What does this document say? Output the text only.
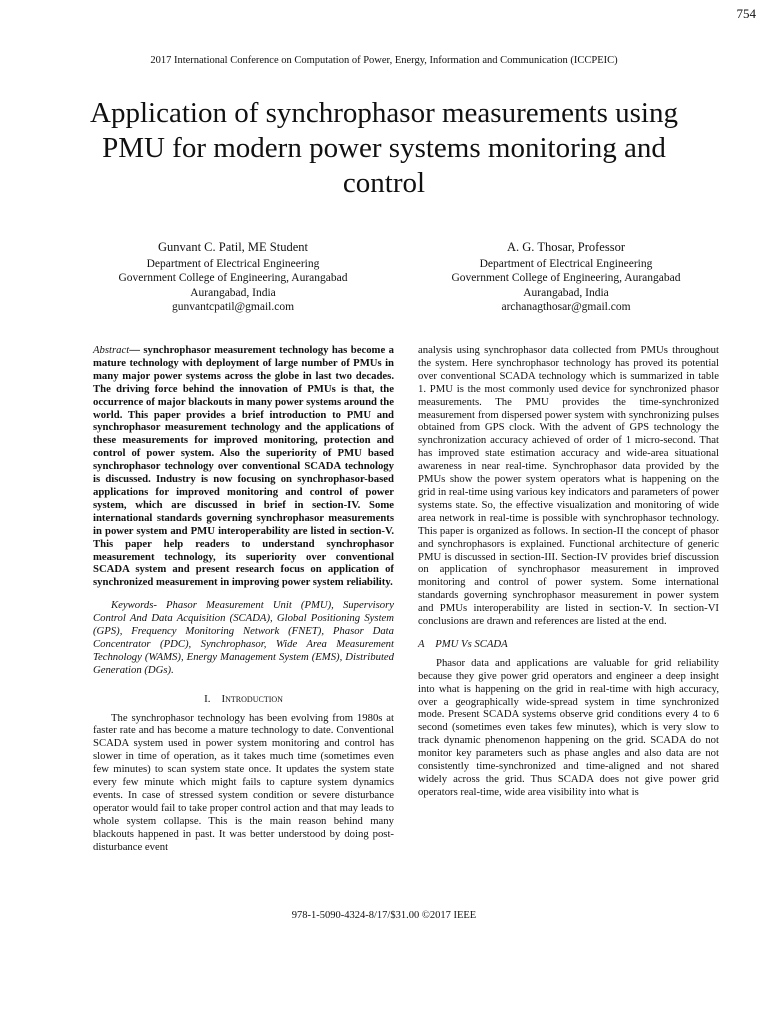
754
2017 International Conference on Computation of Power, Energy, Information and Communication (ICCPEIC)
Application of synchrophasor measurements using PMU for modern power systems monitoring and control
Gunvant C. Patil, ME Student
Department of Electrical Engineering
Government College of Engineering, Aurangabad
Aurangabad, India
gunvantcpatil@gmail.com
A. G. Thosar, Professor
Department of Electrical Engineering
Government College of Engineering, Aurangabad
Aurangabad, India
archanagthosar@gmail.com

Abstract— synchrophasor measurement technology has become a mature technology with deployment of large number of PMUs in many major power systems across the globe in last two decades. The driving force behind the innovation of PMUs is that, the occurrence of major blackouts in many power systems around the world. This paper provides a brief introduction to PMU and synchrophasor measurement technology and the applications of these measurements for improved monitoring, protection and control of power system. Also the superiority of PMU based synchrophasor technology over conventional SCADA technology is discussed. Industry is now focusing on synchrophasor-based applications for improved monitoring and control of power system, which are discussed in brief in section-IV. Some international standards governing synchrophasor measurements in power system and PMU interoperability are listed in section-V. This paper help readers to understand synchrophasor measurement technology, its superiority over conventional SCADA system and present research focus on application of synchronized measurement in improving power system reliability.

Keywords- Phasor Measurement Unit (PMU), Supervisory Control And Data Acquisition (SCADA), Global Positioning System (GPS), Frequency Monitoring Network (FNET), Phasor Data Concentrator (PDC), Synchrophasor, Wide Area Measurement Technology (WAMS), Energy Management System (EMS), Distributed Generation (DGs).

I. Introduction

The synchrophasor technology has been evolving from 1980s at faster rate and has become a mature technology to date. Conventional SCADA system used in power system monitoring and control has slower in time of operation, as it takes much time (sometimes even few minutes) to scan system state once. It updates the system state every few minute which might fails to capture system dynamics events. In case of stressed system condition or severe disturbance operator would fail to take proper control action and that may leads to whole system collapse. This is the main reason behind many blackouts happened in past. It was better understood by doing post-disturbance event

analysis using synchrophasor data collected from PMUs throughout the system. Here synchrophasor technology has proved its potential over conventional SCADA technology which is summarized in table 1. PMU is the most commonly used device for synchronized phasor measurements. The PMU provides the time-synchronized measurement from dispersed power system with synchronizing pulses obtained from GPS clock. With the advent of GPS technology the synchronization accuracy achieved of order of 1 micro-second. That has improved state estimation accuracy and wide-area situational awareness in near real-time. Synchrophasor data provided by the PMUs show the power system operators what is happening on the grid in real-time using various key indicators and parameters of power systems state. So, the effective visualization and monitoring of wide area network in real-time is possible with synchrophasor technology. This paper is organized as follows. In section-II the concept of phasor and synchrophasors is explained. Functional architecture of generic PMU is discussed in section-III. Section-IV provides brief discussion on application of synchrophasor measurement in improved monitoring and control of power system. Some international standards governing synchrophasor measurement in power system and PMUs interoperability are listed in section-V. In section-VI conclusions are drawn and references are listed at the end.

A PMU Vs SCADA

Phasor data and applications are valuable for grid reliability because they give power grid operators and engineer a deep insight into what is happening on the grid in real-time with high accuracy, over a geographically wide-spread system in time synchronized mode. Present SCADA systems observe grid conditions every 4 to 6 second (sometimes even takes few minutes), which is very slow to track dynamic phenomenon happening on the grid. SCADA do not monitor key parameters such as phase angles and also data are not consistently time-synchronized and time-aligned and not shared widely across the grid. Thus SCADA does not give power grid operators real-time, wide area visibility into what is

978-1-5090-4324-8/17/$31.00 ©2017 IEEE
